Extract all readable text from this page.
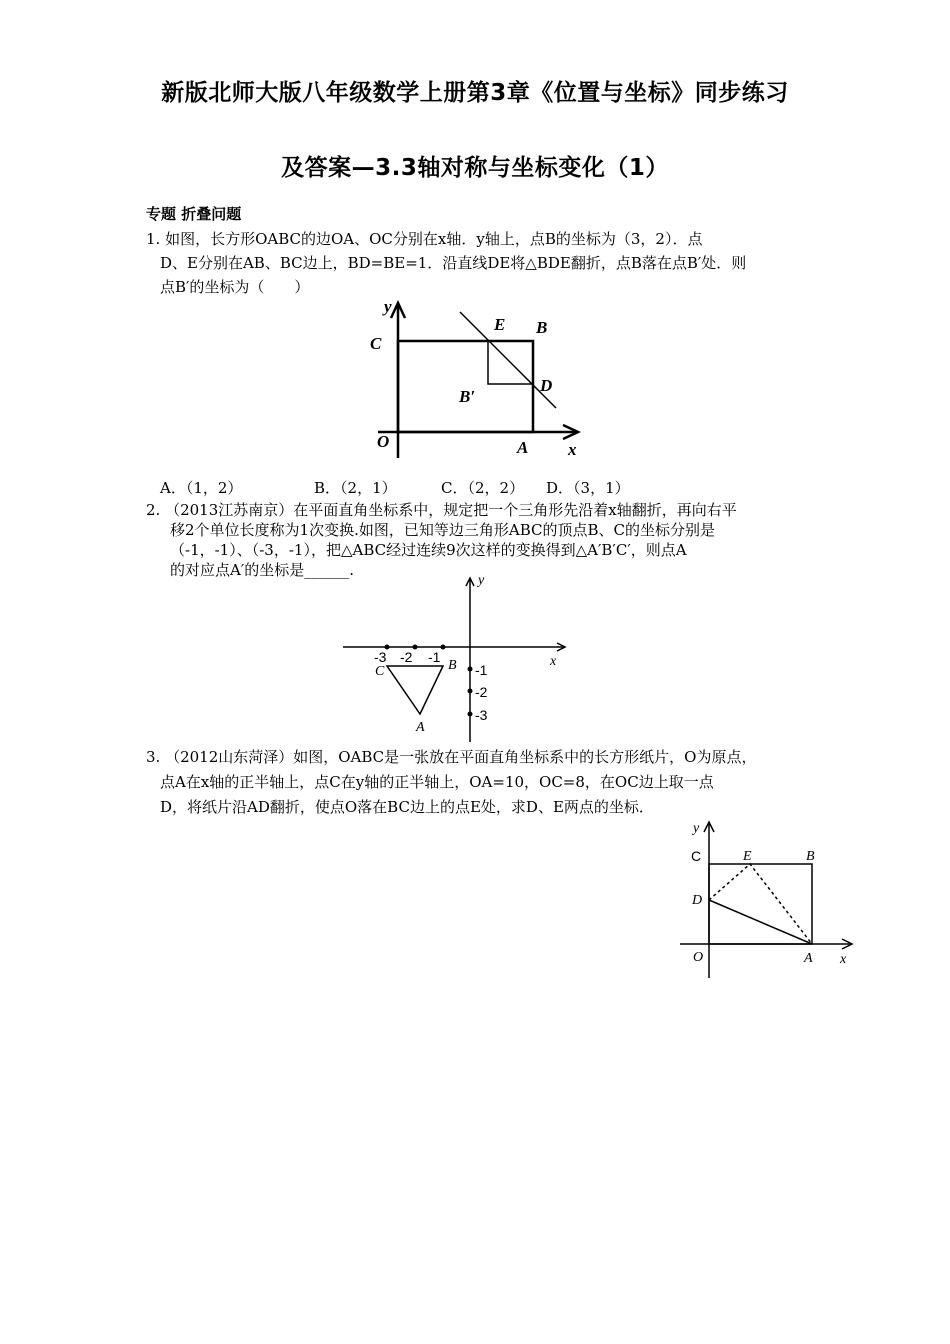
新版北师大版八年级数学上册第3章《位置与坐标》同步练习
及答案—3.3轴对称与坐标变化（1）
专题 折叠问题
1. 如图，长方形OABC的边OA、OC分别在x轴．y轴上，点B的坐标为（3，2）．点
D、E分别在AB、BC边上，BD=BE=1．沿直线DE将△BDE翻折，点B落在点B′处．则
点B′的坐标为（　　）
y
x
C
E B
B′
D
O	A
A．（1，2）	B．（2，1）	C．（2，2） D．（3，1）
2. （2013江苏南京）在平面直角坐标系中，规定把一个三角形先沿着x轴翻折，再向右平
移2个单位长度称为1次变换.如图，已知等边三角形ABC的顶点B、C的坐标分别是
（-1，-1）、（-3，-1），把△ABC经过连续9次这样的变换得到△A′B′C′，则点A
的对应点A′的坐标是______.
y
x
-3 -2 -1
B
C
A
-1
-2
-3
3. （2012山东菏泽）如图，OABC是一张放在平面直角坐标系中的长方形纸片，O为原点，
点A在x轴的正半轴上，点C在y轴的正半轴上，OA=10，OC=8，在OC边上取一点
D，将纸片沿AD翻折，使点O落在BC边上的点E处，求D、E两点的坐标．
y
x
C	E	B
D
O	A
